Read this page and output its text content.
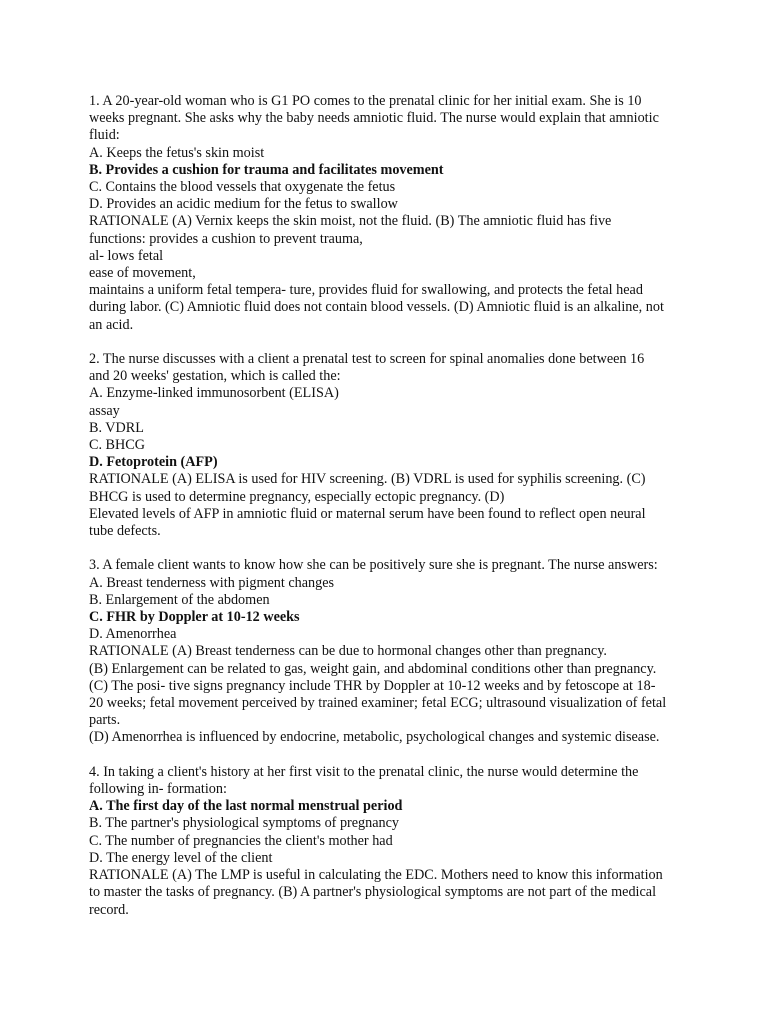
1. A 20-year-old woman who is G1 PO comes to the prenatal clinic for her initial exam. She is 10
weeks pregnant. She asks why the baby needs amniotic fluid. The nurse would explain that amniotic
fluid:
A. Keeps the fetus's skin moist
B. Provides a cushion for trauma and facilitates movement
C. Contains the blood vessels that oxygenate the fetus
D. Provides an acidic medium for the fetus to swallow
RATIONALE (A) Vernix keeps the skin moist, not the fluid. (B) The amniotic fluid has five
functions: provides a cushion to prevent trauma,
al- lows fetal
ease of movement,
maintains a uniform fetal tempera- ture, provides fluid for swallowing, and protects the fetal head
during labor. (C) Amniotic fluid does not contain blood vessels. (D) Amniotic fluid is an alkaline, not
an acid.
2. The nurse discusses with a client a prenatal test to screen for spinal anomalies done between 16
and 20 weeks' gestation, which is called the:
A. Enzyme-linked immunosorbent (ELISA)
assay
B. VDRL
C. BHCG
D. Fetoprotein (AFP)
RATIONALE (A) ELISA is used for HIV screening. (B) VDRL is used for syphilis screening. (C)
BHCG is used to determine pregnancy, especially ectopic pregnancy. (D)
Elevated levels of AFP in amniotic fluid or maternal serum have been found to reflect open neural
tube defects.
3. A female client wants to know how she can be positively sure she is pregnant. The nurse answers:
A. Breast tenderness with pigment changes
B. Enlargement of the abdomen
C. FHR by Doppler at 10-12 weeks
D. Amenorrhea
RATIONALE (A) Breast tenderness can be due to hormonal changes other than pregnancy.
(B) Enlargement can be related to gas, weight gain, and abdominal conditions other than pregnancy.
(C) The posi- tive signs pregnancy include THR by Doppler at 10-12 weeks and by fetoscope at 18-
20 weeks; fetal movement perceived by trained examiner; fetal ECG; ultrasound visualization of fetal
parts.
(D) Amenorrhea is influenced by endocrine, metabolic, psychological changes and systemic disease.
4. In taking a client's history at her first visit to the prenatal clinic, the nurse would determine the
following in- formation:
A. The first day of the last normal menstrual period
B. The partner's physiological symptoms of pregnancy
C. The number of pregnancies the client's mother had
D. The energy level of the client
RATIONALE (A) The LMP is useful in calculating the EDC. Mothers need to know this information
to master the tasks of pregnancy. (B) A partner's physiological symptoms are not part of the medical
record.
